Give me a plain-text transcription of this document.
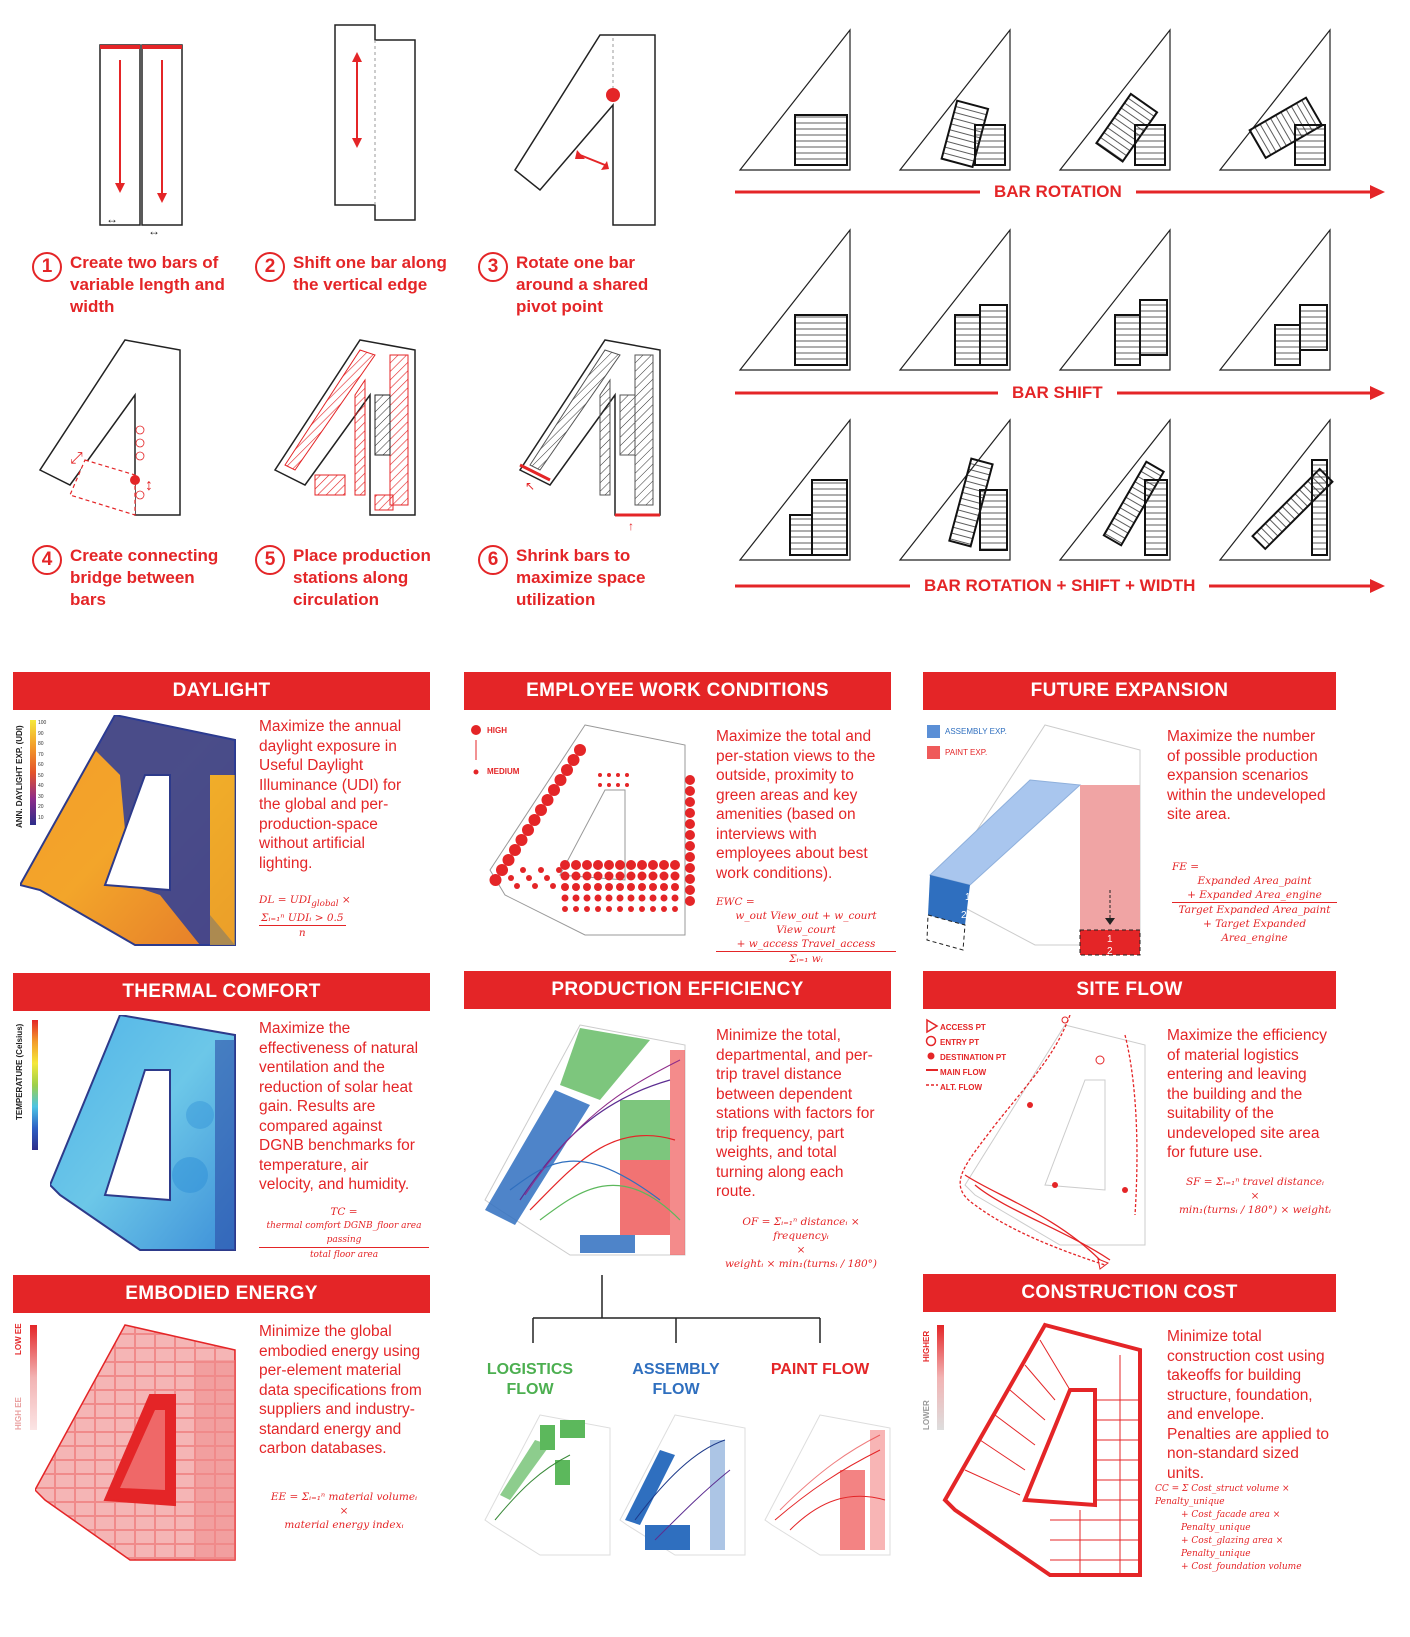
↔
↔
⤢
↕	↖
↑
1	Create two bars of variable length and width
2	Shift one bar along the vertical edge
3	Rotate one bar around a shared pivot point
4	Create connecting bridge between bars
5	Place production stations along circulation
6	Shrink bars to maximize space utilization
BAR ROTATION
BAR SHIFT
BAR ROTATION + SHIFT + WIDTH
DAYLIGHT
ANN. DAYLIGHT EXP. (UDI)
100
90
80
70
60
50
40
30
20
10
Maximize the annual daylight exposure in Useful Daylight Illuminance (UDI) for the global and per-production-space without artificial lighting.
DL = $UDI_{global}$ ×
$\frac{\text{Σᵢ₌₁ⁿ UDIᵢ > 0.5}}{n}$
EMPLOYEE WORK CONDITIONS
HIGH
MEDIUM
Maximize the total and per-station views to the outside, proximity to green areas and key amenities (based on interviews with employees about best work conditions).
EWC =
w_out View_out + w_court View_court
+ w_access Travel_access
Σᵢ₌₁ wᵢ
FUTURE EXPANSION
ASSEMBLY EXP.
PAINT EXP.
1
2
1
2
Maximize the number of possible production expansion scenarios within the undeveloped site area.
FE =
Expanded Area_paint
+ Expanded Area_engine
Target Expanded Area_paint
+ Target Expanded Area_engine
THERMAL COMFORT
TEMPERATURE (Celsius)	Maximize the effectiveness of natural ventilation and the reduction of solar heat gain. Results are compared against DGNB benchmarks for temperature, air velocity, and humidity.
TC =

$\frac{\text{thermal comfort DGNB\_floor area passing}}{\text{total floor area}}$
PRODUCTION EFFICIENCY
Minimize the total, departmental, and per-trip travel distance between dependent stations with factors for trip frequency, part weights, and total turning along each route.
OF = Σᵢ₌₁ⁿ distanceᵢ × frequencyᵢ
×
weightᵢ × min₁(turnsᵢ / 180°)
LOGISTICS FLOW
ASSEMBLY FLOW
PAINT FLOW
SITE FLOW
ACCESS PT
ENTRY PT
DESTINATION PT
MAIN FLOW
ALT. FLOW
Maximize the efficiency of material logistics entering and leaving the building and the suitability of the undeveloped site area for future use.
SF = Σᵢ₌₁ⁿ travel distanceᵢ
×
min₁(turnsᵢ / 180°) × weightᵢ
EMBODIED ENERGY
LOW EE
HIGH EE
Minimize the global embodied energy using per-element material data specifications from suppliers and industry-standard energy and carbon databases.
EE = Σᵢ₌₁ⁿ material volumeᵢ
×
material energy indexᵢ
CONSTRUCTION COST
HIGHER
LOWER
Minimize total construction cost using takeoffs for building structure, foundation, and envelope. Penalties are applied to non-standard sized units.
CC = Σ Cost_struct volume × Penalty_unique
+ Cost_facade area × Penalty_unique
+ Cost_glazing area × Penalty_unique
+ Cost_foundation volume
